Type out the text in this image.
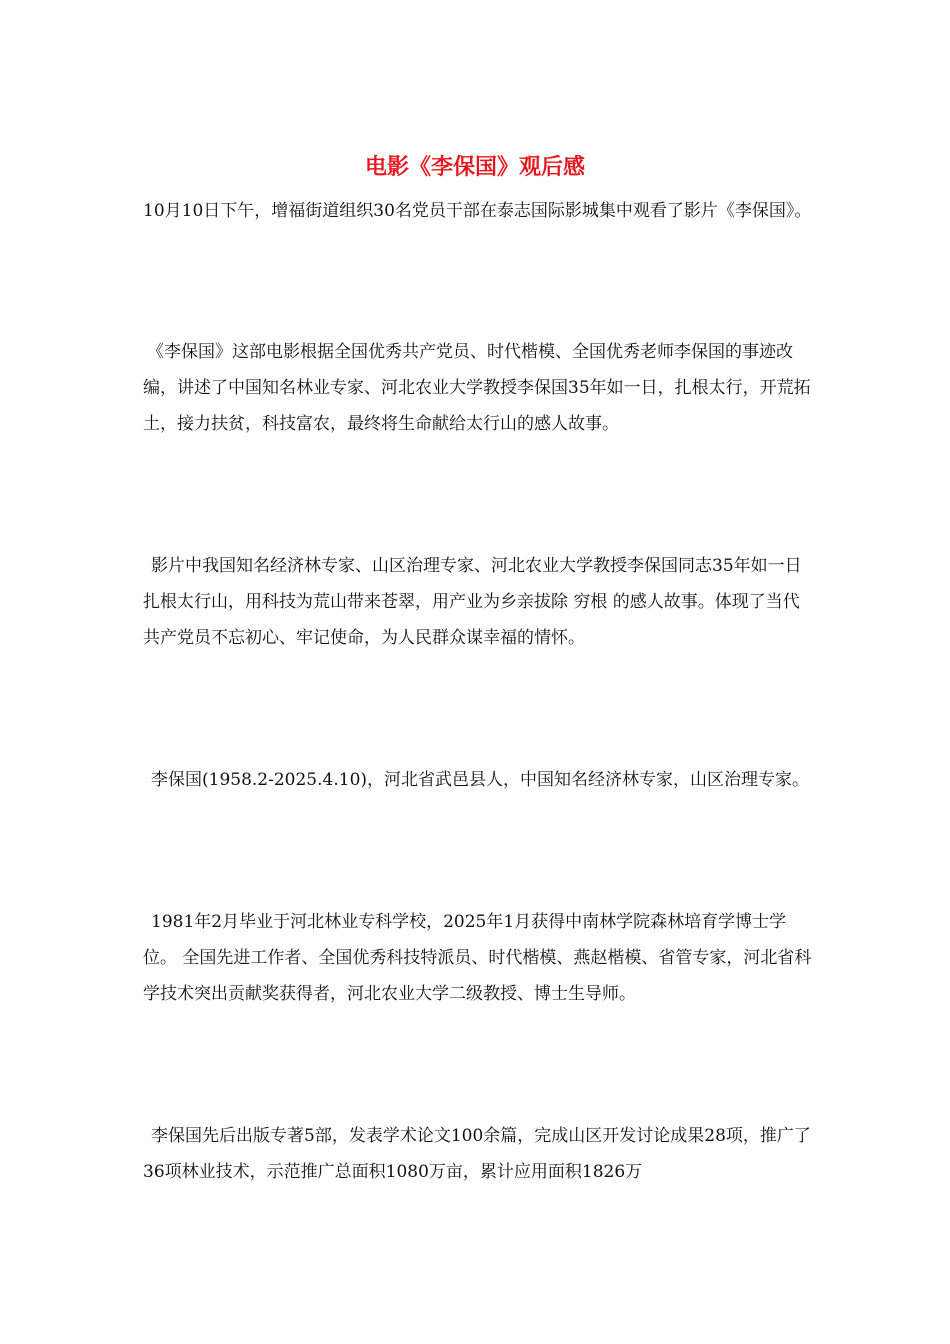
电影《李保国》观后感

10月10日下午，增福街道组织30名党员干部在泰志国际影城集中观看了影片《李保国》。

《李保国》这部电影根据全国优秀共产党员、时代楷模、全国优秀老师李保国的事迹改编，讲述了中国知名林业专家、河北农业大学教授李保国35年如一日，扎根太行，开荒拓土，接力扶贫，科技富农，最终将生命献给太行山的感人故事。

影片中我国知名经济林专家、山区治理专家、河北农业大学教授李保国同志35年如一日扎根太行山，用科技为荒山带来苍翠，用产业为乡亲拔除 穷根 的感人故事。体现了当代共产党员不忘初心、牢记使命，为人民群众谋幸福的情怀。

李保国(1958.2-2025.4.10)，河北省武邑县人，中国知名经济林专家，山区治理专家。

1981年2月毕业于河北林业专科学校，2025年1月获得中南林学院森林培育学博士学位。 全国先进工作者、全国优秀科技特派员、时代楷模、燕赵楷模、省管专家，河北省科学技术突出贡献奖获得者，河北农业大学二级教授、博士生导师。

李保国先后出版专著5部，发表学术论文100余篇，完成山区开发讨论成果28项，推广了36项林业技术，示范推广总面积1080万亩，累计应用面积1826万
